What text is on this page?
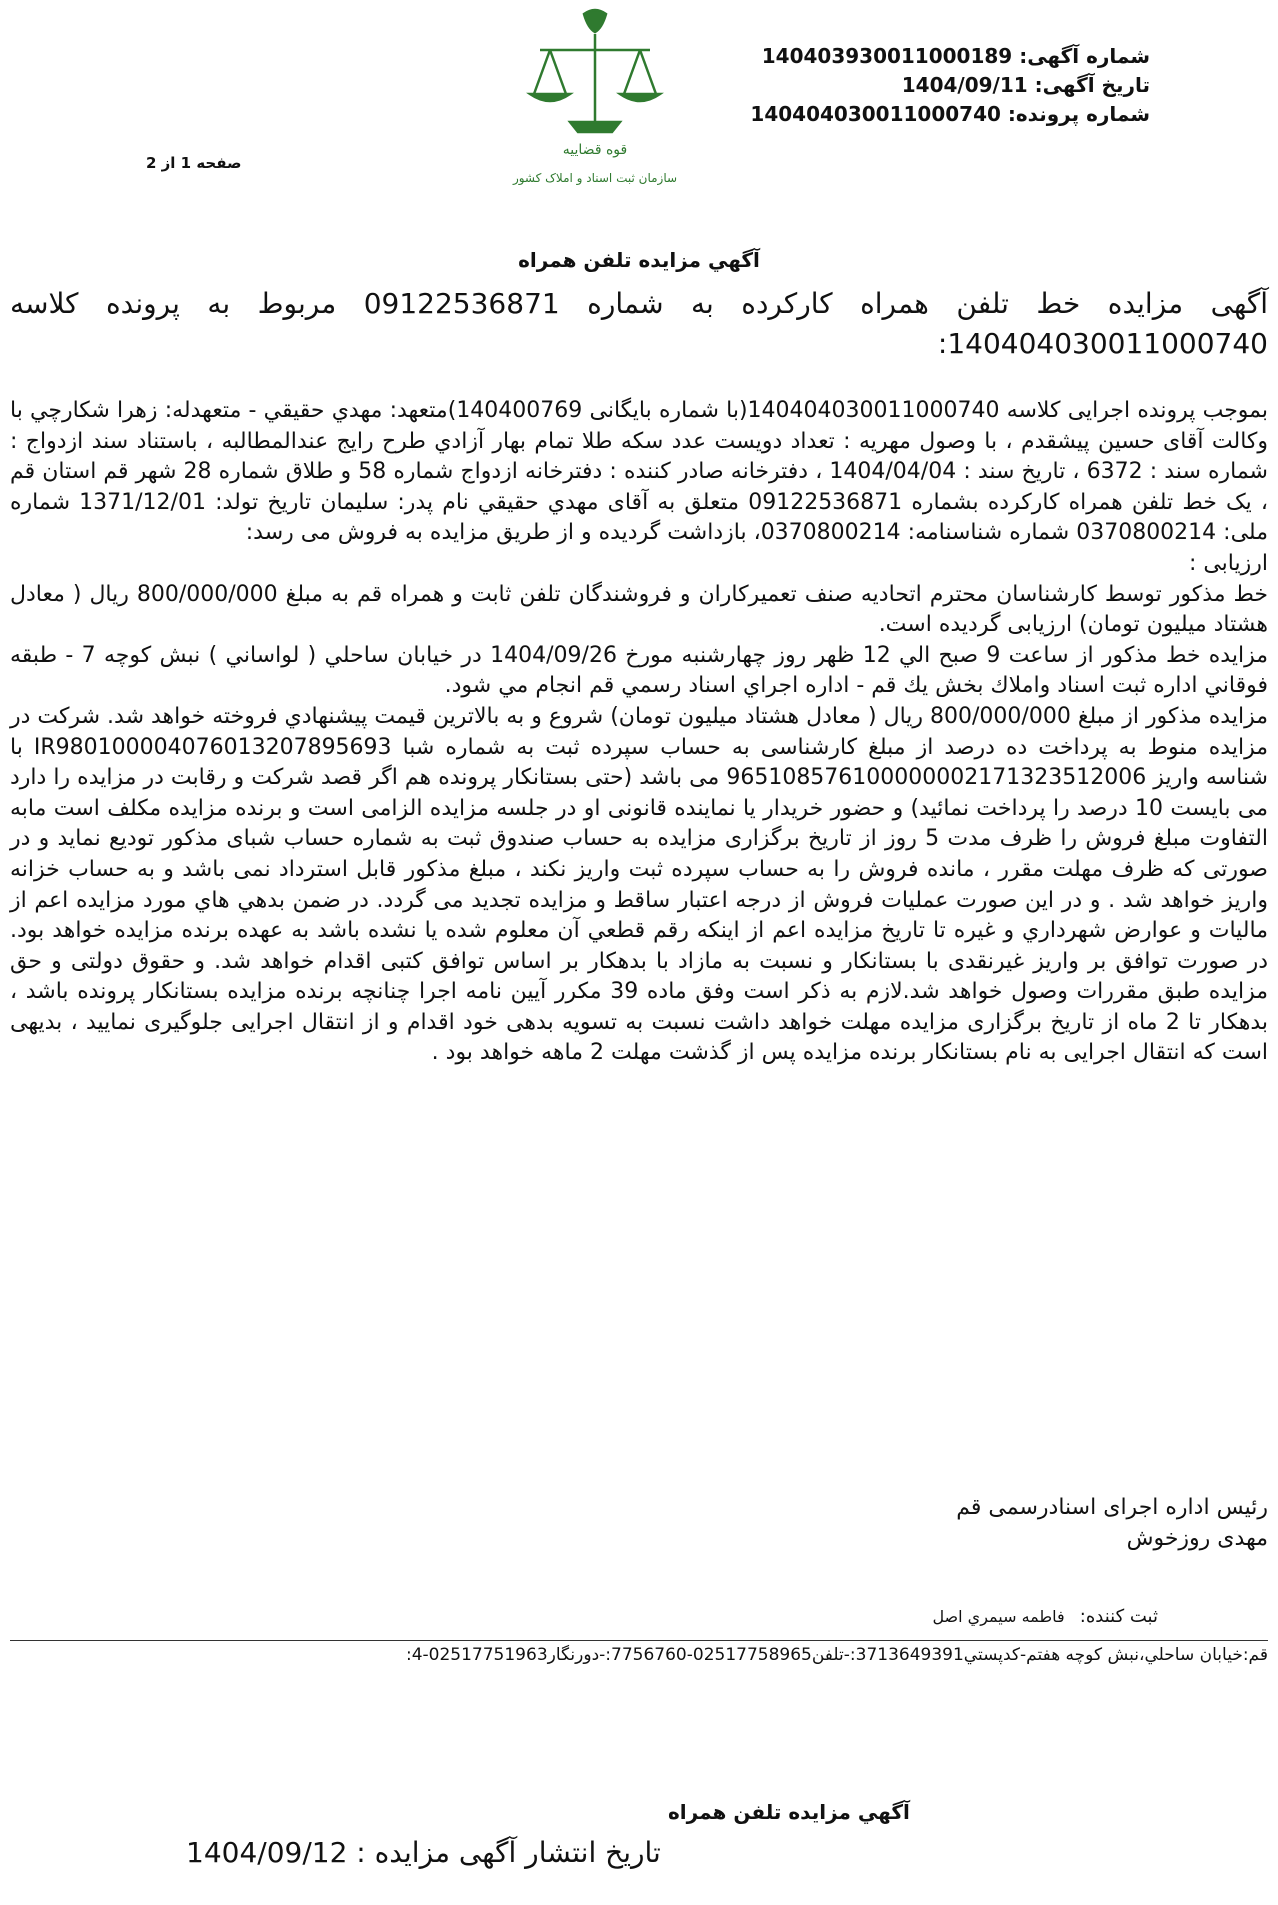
قوه قضاییه
سازمان ثبت اسناد و املاک کشور
شماره آگهی: 140403930011000189
تاریخ آگهی: 1404/09/11
شماره پرونده: 140404030011000740
صفحه 1 از 2
آگهي مزايده تلفن همراه
آگهی مزایده خط تلفن همراه کارکرده به شماره 09122536871 مربوط به پرونده کلاسه 140404030011000740:

بموجب پرونده اجرایی کلاسه 140404030011000740(با شماره بایگانی 140400769)متعهد: مهدي حقيقي - متعهدله: زهرا شكارچي با وكالت آقای حسين پيشقدم ، با وصول مهريه : تعداد دويست عدد سكه طلا تمام بهار آزادي طرح رايج عندالمطالبه ، باستناد سند ازدواج : شماره سند : 6372 ، تاریخ سند : 1404/04/04 ، دفترخانه صادر كننده : دفترخانه ازدواج شماره 58 و طلاق شماره 28 شهر قم استان قم ، يک خط تلفن همراه کارکرده بشماره 09122536871 متعلق به آقای مهدي حقيقي نام پدر: سليمان تاريخ تولد: 1371/12/01 شماره ملی: 0370800214 شماره شناسنامه: 0370800214، بازداشت گرديده و از طریق مزایده به فروش می رسد:

ارزیابی :

خط مذکور توسط کارشناسان محترم اتحادیه صنف تعمیرکاران و فروشندگان تلفن ثابت و همراه قم به مبلغ 800/000/000 ریال ( معادل هشتاد میلیون تومان) ارزیابی گردیده است.

مزايده خط مذكور از ساعت 9 صبح الي 12 ظهر روز چهارشنبه مورخ 1404/09/26 در خيابان ساحلي ( لواساني ) نبش كوچه 7 - طبقه فوقاني اداره ثبت اسناد واملاك بخش يك قم - اداره اجراي اسناد رسمي قم انجام مي شود.

مزايده مذكور از مبلغ 800/000/000 ريال ( معادل هشتاد ميليون تومان) شروع و به بالاترين قيمت پيشنهادي فروخته خواهد شد. شرکت در مزایده منوط به پرداخت ده درصد از مبلغ کارشناسی به حساب سپرده ثبت به شماره شبا IR980100004076013207895693 با شناسه واریز 965108576100000002171323512006 می باشد (حتی بستانکار پرونده هم اگر قصد شرکت و رقابت در مزایده را دارد می بایست 10 درصد را پرداخت نمائید) و حضور خریدار یا نماینده قانونی او در جلسه مزایده الزامی است و برنده مزایده مکلف است مابه التفاوت مبلغ فروش را ظرف مدت 5 روز از تاریخ برگزاری مزایده به حساب صندوق ثبت به شماره حساب شبای مذکور تودیع نماید و در صورتی که ظرف مهلت مقرر ، مانده فروش را به حساب سپرده ثبت واریز نکند ، مبلغ مذکور قابل استرداد نمی باشد و به حساب خزانه واریز خواهد شد . و در این صورت عملیات فروش از درجه اعتبار ساقط و مزایده تجدید می گردد. در ضمن بدهي هاي مورد مزايده اعم از ماليات و عوارض شهرداري و غيره تا تاريخ مزايده اعم از اينكه رقم قطعي آن معلوم شده يا نشده باشد به عهده برنده مزايده خواهد بود. در صورت توافق بر واریز غیرنقدی با بستانکار و نسبت به مازاد با بدهکار بر اساس توافق کتبی اقدام خواهد شد. و حقوق دولتی و حق مزایده طبق مقررات وصول خواهد شد.لازم به ذكر است وفق ماده 39 مكرر آيين نامه اجرا چنانچه برنده مزايده بستانكار پرونده باشد ، بدهكار تا 2 ماه از تاريخ برگزاری مزايده مهلت خواهد داشت نسبت به تسويه بدهی خود اقدام و از انتقال اجرايی جلوگيری نماييد ، بديهی است كه انتقال اجرايی به نام بستانكار برنده مزايده پس از گذشت مهلت 2 ماهه خواهد بود .

رئیس اداره اجرای اسنادرسمی قم
مهدی روزخوش
ثبت کننده: فاطمه سيمري اصل
قم:خيابان ساحلي،نبش کوچه هفتم-کدپستي3713649391:-تلفن02517758965-7756760:-دورنگار02517751963-4:
آگهي مزايده تلفن همراه
تاریخ انتشار آگهی مزایده : 1404/09/12
